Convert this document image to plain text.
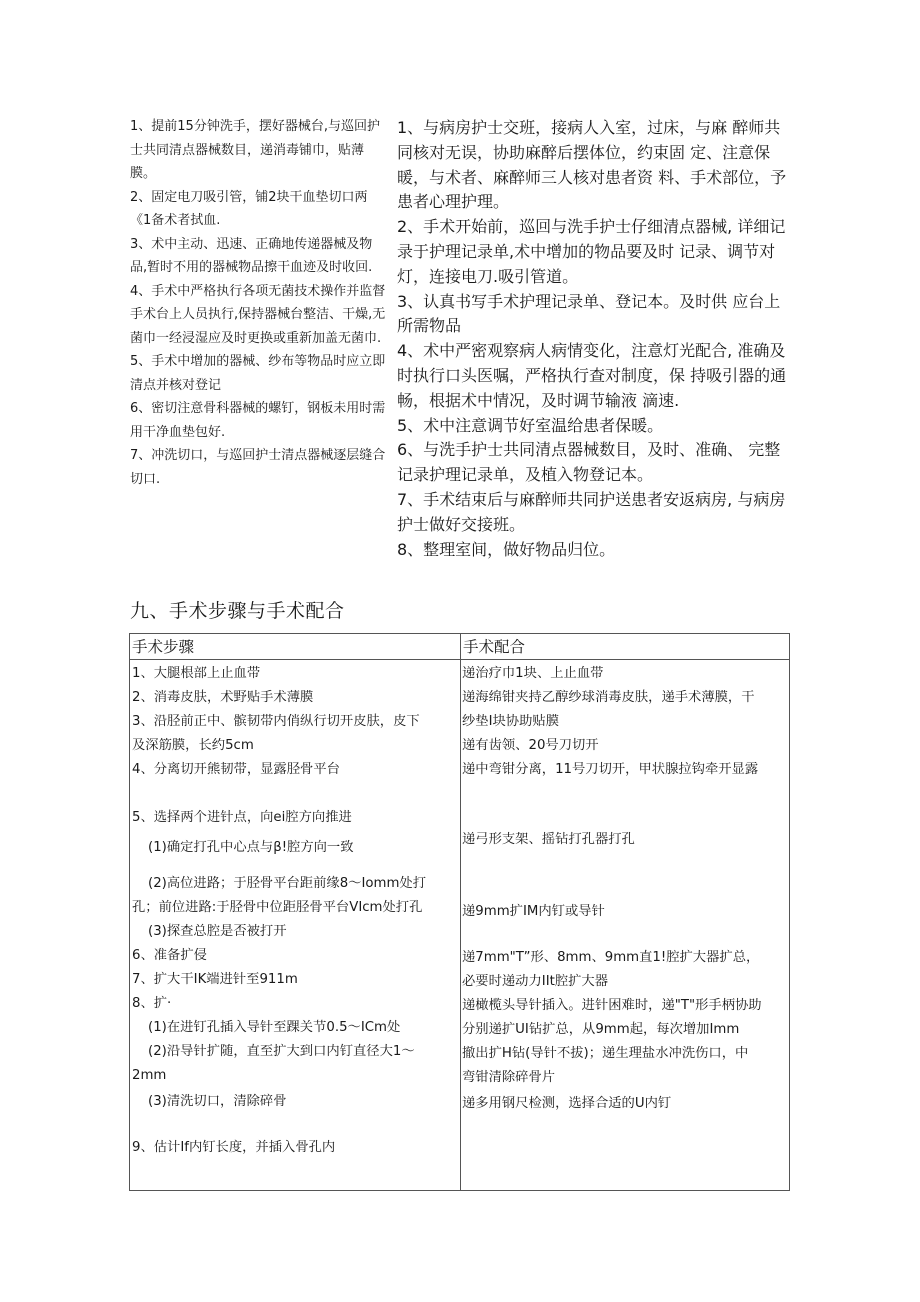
1、提前15分钟洗手，摆好器械台,与巡回护士共同清点器械数目，递消毒铺巾，贴薄膜。

2、固定电刀吸引管，铺2块干血垫切口两《1备术者拭血.

3、术中主动、迅速、正确地传递器械及物品,暂时不用的器械物品擦干血迹及时收回.

4、手术中严格执行各项无菌技术操作并监督手术台上人员执行,保持器械台整洁、干燥,无菌巾一经浸湿应及时更换或重新加盖无菌巾.

5、手术中增加的器械、纱布等物品时应立即清点并核对登记

6、密切注意骨科器械的螺钉，钢板未用时需用干净血垫包好.

7、冲洗切口，与巡回护士清点器械逐层缝合切口.

1、与病房护士交班，接病人入室，过床，与麻 醉师共同核对无误，协助麻醉后摆体位，约束固 定、注意保暖，与术者、麻醉师三人核对患者资 料、手术部位，予患者心理护理。

2、手术开始前，巡回与洗手护士仔细清点器械, 详细记录于护理记录单,术中增加的物品要及时 记录、调节对灯，连接电刀.吸引管道。

3、认真书写手术护理记录单、登记本。及时供 应台上所需物品

4、术中严密观察病人病情变化，注意灯光配合, 准确及时执行口头医嘱，严格执行查对制度，保 持吸引器的通畅，根据术中情况，及时调节输液 滴速.

5、术中注意调节好室温给患者保暖。

6、与洗手护士共同清点器械数目，及时、准确、 完整记录护理记录单，及植入物登记本。

7、手术结束后与麻醉师共同护送患者安返病房, 与病房护士做好交接班。

8、整理室间，做好物品归位。

九、手术步骤与手术配合
手术步骤	手术配合
1、大腿根部上止血带
2、消毒皮肤，术野贴手术薄膜
3、沿胫前正中、髌韧带内俏纵行切开皮肤，皮下
及深筋膜，长约5cm
4、分离切开熊韧带，显露胫骨平台
5、选择两个进针点，向ei腔方向推进
(1)确定打孔中心点与β!腔方向一致
(2)高位进路；于胫骨平台距前缘8～Iomm处打
孔；前位进路:于胫骨中位距胫骨平台VIcm处打孔
(3)探查总腔是否被打开
6、准备扩侵
7、扩大干IK端进针至911m
8、扩·
(1)在进钉孔插入导针至踝关节0.5～ICm处
(2)沿导针扩随，直至扩大到口内钉直径大1～
2mm
(3)清洗切口，清除碎骨
9、估计If内钉长度，并插入骨孔内
递治疗巾1块、上止血带
递海绵钳夹持乙醇纱球消毒皮肤，递手术薄膜，干
纱垫I块协助贴膜
递有齿领、20号刀切开
递中弯钳分离，11号刀切开，甲状腺拉钩牵开显露
递弓形支架、摇钻打孔器打孔
递9mm扩IM内钉或导针
递7mm"T”形、8mm、9mm直1!腔扩大器扩总，
必要时递动力IIt腔扩大器
递橄榄头导针插入。进针困难时，递"T"形手柄协助
分别递扩UI钻扩总，从9mm起，每次增加Imm
撤出扩H钻(导针不拔)；递生理盐水冲洗伤口，中
弯钳清除碎骨片
递多用钢尺检测，选择合适的U内钉
